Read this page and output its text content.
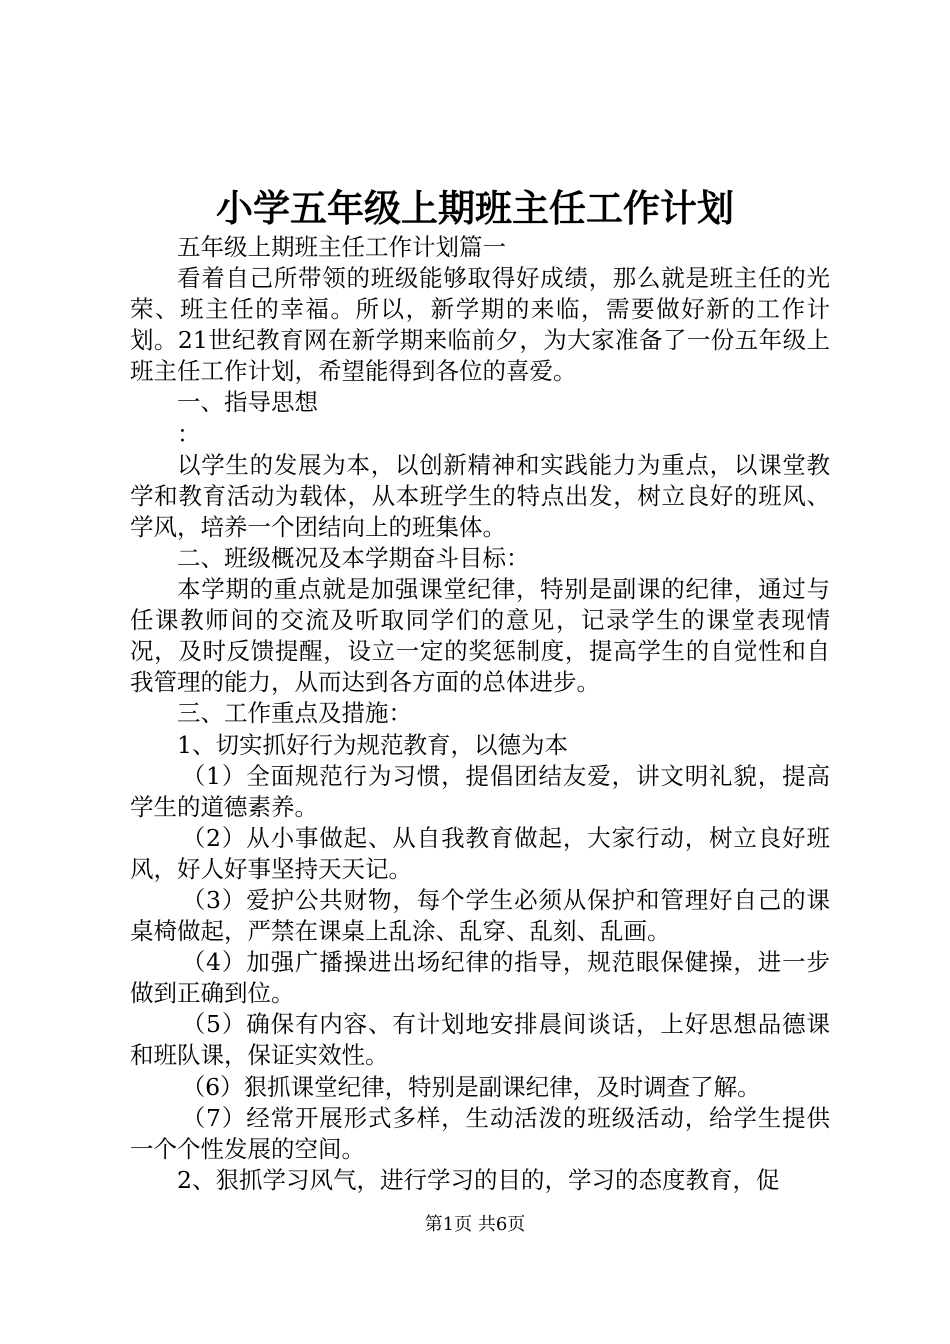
小学五年级上期班主任工作计划

五年级上期班主任工作计划篇一

看着自己所带领的班级能够取得好成绩，那么就是班主任的光荣、班主任的幸福。所以，新学期的来临，需要做好新的工作计划。21世纪教育网在新学期来临前夕，为大家准备了一份五年级上班主任工作计划，希望能得到各位的喜爱。

一、指导思想

：

以学生的发展为本，以创新精神和实践能力为重点，以课堂教学和教育活动为载体，从本班学生的特点出发，树立良好的班风、学风，培养一个团结向上的班集体。

二、班级概况及本学期奋斗目标：

本学期的重点就是加强课堂纪律，特别是副课的纪律，通过与任课教师间的交流及听取同学们的意见，记录学生的课堂表现情况，及时反馈提醒，设立一定的奖惩制度，提高学生的自觉性和自我管理的能力，从而达到各方面的总体进步。

三、工作重点及措施：

1、切实抓好行为规范教育，以德为本

（1）全面规范行为习惯，提倡团结友爱，讲文明礼貌，提高学生的道德素养。

（2）从小事做起、从自我教育做起，大家行动，树立良好班风，好人好事坚持天天记。

（3）爱护公共财物，每个学生必须从保护和管理好自己的课桌椅做起，严禁在课桌上乱涂、乱穿、乱刻、乱画。

（4）加强广播操进出场纪律的指导，规范眼保健操，进一步做到正确到位。

（5）确保有内容、有计划地安排晨间谈话，上好思想品德课和班队课，保证实效性。

（6）狠抓课堂纪律，特别是副课纪律，及时调查了解。

（7）经常开展形式多样，生动活泼的班级活动，给学生提供一个个性发展的空间。

2、狠抓学习风气，进行学习的目的，学习的态度教育，促

第1页 共6页
